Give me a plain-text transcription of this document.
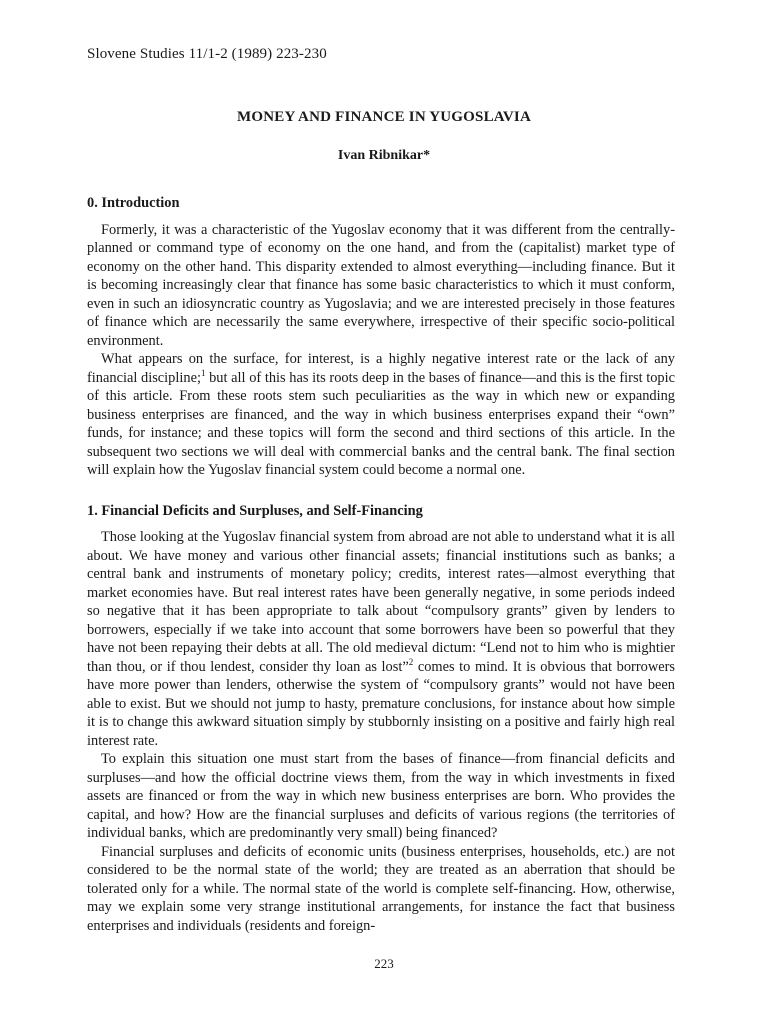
Slovene Studies 11/1-2 (1989) 223-230
MONEY AND FINANCE IN YUGOSLAVIA
Ivan Ribnikar*
0. Introduction

Formerly, it was a characteristic of the Yugoslav economy that it was different from the centrally-planned or command type of economy on the one hand, and from the (capitalist) market type of economy on the other hand. This disparity extended to almost everything—including finance. But it is becoming increasingly clear that finance has some basic characteristics to which it must conform, even in such an idiosyncratic country as Yugoslavia; and we are interested precisely in those features of finance which are necessarily the same everywhere, irrespective of their specific socio-political environment.

What appears on the surface, for interest, is a highly negative interest rate or the lack of any financial discipline;$^1$ but all of this has its roots deep in the bases of finance—and this is the first topic of this article. From these roots stem such peculiarities as the way in which new or expanding business enterprises are financed, and the way in which business enterprises expand their “own” funds, for instance; and these topics will form the second and third sections of this article. In the subsequent two sections we will deal with commercial banks and the central bank. The final section will explain how the Yugoslav financial system could become a normal one.

1. Financial Deficits and Surpluses, and Self-Financing

Those looking at the Yugoslav financial system from abroad are not able to understand what it is all about. We have money and various other financial assets; financial institutions such as banks; a central bank and instruments of monetary policy; credits, interest rates—almost everything that market economies have. But real interest rates have been generally negative, in some periods indeed so negative that it has been appropriate to talk about “compulsory grants” given by lenders to borrowers, especially if we take into account that some borrowers have been so powerful that they have not been repaying their debts at all. The old medieval dictum: “Lend not to him who is mightier than thou, or if thou lendest, consider thy loan as lost”$^2$ comes to mind. It is obvious that borrowers have more power than lenders, otherwise the system of “compulsory grants” would not have been able to exist. But we should not jump to hasty, premature conclusions, for instance about how simple it is to change this awkward situation simply by stubbornly insisting on a positive and fairly high real interest rate.

To explain this situation one must start from the bases of finance—from financial deficits and surpluses—and how the official doctrine views them, from the way in which investments in fixed assets are financed or from the way in which new business enterprises are born. Who provides the capital, and how? How are the financial surpluses and deficits of various regions (the territories of individual banks, which are predominantly very small) being financed?

Financial surpluses and deficits of economic units (business enterprises, households, etc.) are not considered to be the normal state of the world; they are treated as an aberration that should be tolerated only for a while. The normal state of the world is complete self-financing. How, otherwise, may we explain some very strange institutional arrangements, for instance the fact that business enterprises and individuals (residents and foreign-

223
